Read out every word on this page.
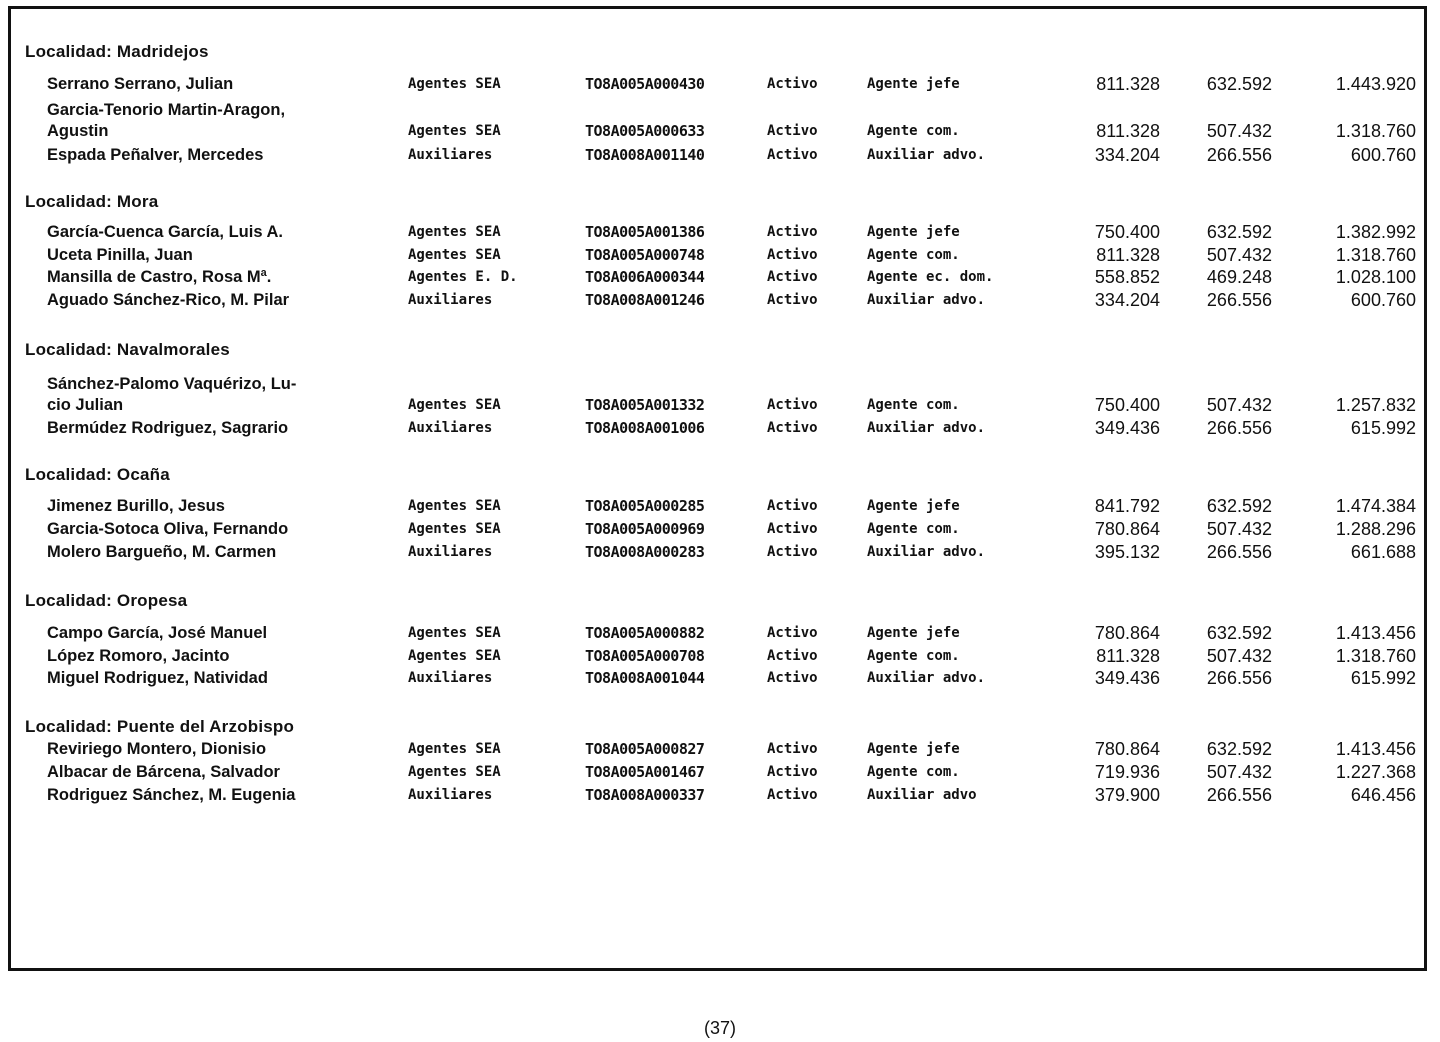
Localidad: Madridejos
Serrano Serrano, Julian	Agentes SEA	TO8A005A000430	Activo	Agente jefe	811.328	632.592	1.443.920
Garcia-Tenorio Martin-Aragon,
Agustin	Agentes SEA	TO8A005A000633	Activo	Agente com.	811.328	507.432	1.318.760
Espada Peñalver, Mercedes	Auxiliares	TO8A008A001140	Activo	Auxiliar advo.	334.204	266.556	600.760
Localidad: Mora
García-Cuenca García, Luis A.	Agentes SEA	TO8A005A001386	Activo	Agente jefe	750.400	632.592	1.382.992
Uceta Pinilla, Juan	Agentes SEA	TO8A005A000748	Activo	Agente com.	811.328	507.432	1.318.760
Mansilla de Castro, Rosa Mª.	Agentes E. D.	TO8A006A000344	Activo	Agente ec. dom.	558.852	469.248	1.028.100
Aguado Sánchez-Rico, M. Pilar	Auxiliares	TO8A008A001246	Activo	Auxiliar advo.	334.204	266.556	600.760
Localidad: Navalmorales
Sánchez-Palomo Vaquérizo, Lu-
cio Julian	Agentes SEA	TO8A005A001332	Activo	Agente com.	750.400	507.432	1.257.832
Bermúdez Rodriguez, Sagrario	Auxiliares	TO8A008A001006	Activo	Auxiliar advo.	349.436	266.556	615.992
Localidad: Ocaña
Jimenez Burillo, Jesus	Agentes SEA	TO8A005A000285	Activo	Agente jefe	841.792	632.592	1.474.384
Garcia-Sotoca Oliva, Fernando	Agentes SEA	TO8A005A000969	Activo	Agente com.	780.864	507.432	1.288.296
Molero Bargueño, M. Carmen	Auxiliares	TO8A008A000283	Activo	Auxiliar advo.	395.132	266.556	661.688
Localidad: Oropesa
Campo García, José Manuel	Agentes SEA	TO8A005A000882	Activo	Agente jefe	780.864	632.592	1.413.456
López Romoro, Jacinto	Agentes SEA	TO8A005A000708	Activo	Agente com.	811.328	507.432	1.318.760
Miguel Rodriguez, Natividad	Auxiliares	TO8A008A001044	Activo	Auxiliar advo.	349.436	266.556	615.992
Localidad: Puente del Arzobispo
Reviriego Montero, Dionisio	Agentes SEA	TO8A005A000827	Activo	Agente jefe	780.864	632.592	1.413.456
Albacar de Bárcena, Salvador	Agentes SEA	TO8A005A001467	Activo	Agente com.	719.936	507.432	1.227.368
Rodriguez Sánchez, M. Eugenia	Auxiliares	TO8A008A000337	Activo	Auxiliar advo	379.900	266.556	646.456
(37)
